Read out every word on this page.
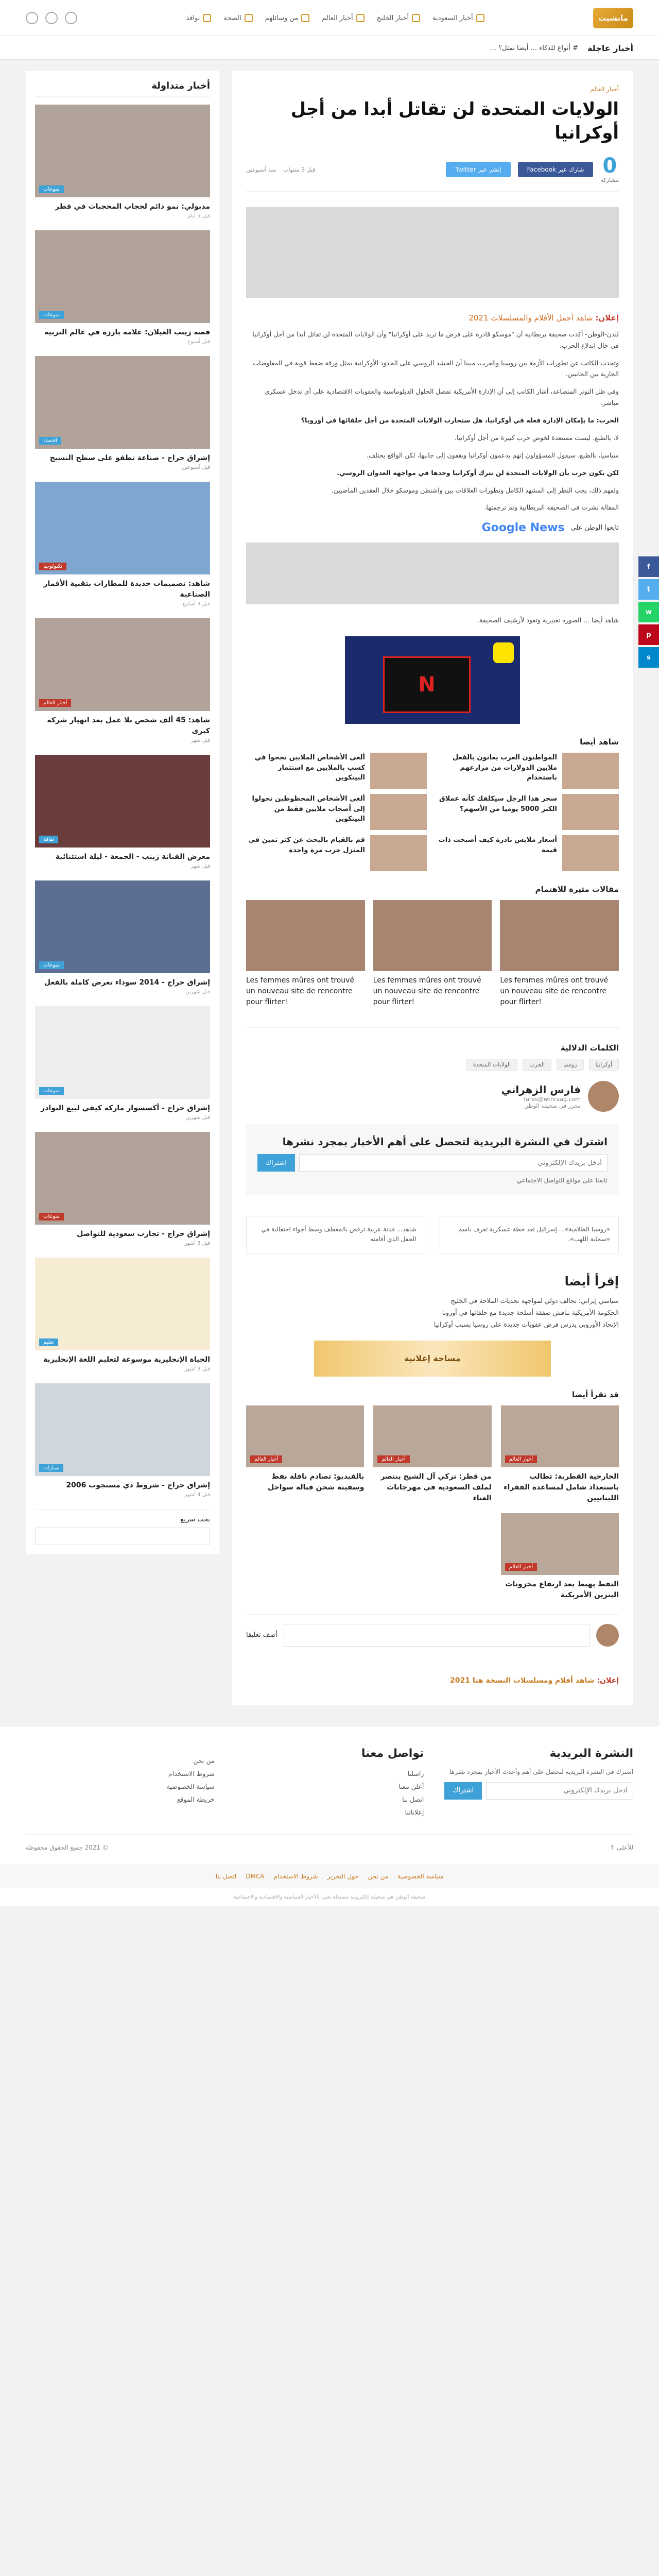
مانشيت
أخبار السعودية
أخبار الخليج
أخبار العالم
من وسائلهم
الصحة
نوافذ
أخبار عاجلة
# أنواع للذكاء ... أيضا نمثل؟ ...
f
t
w
p
s
أخبار العالم
الولايات المتحدة لن تقاتل أبدا من أجل أوكرانيا
0
مشاركة
شارك عبر Facebook
إنشر عبر Twitter
قبل 3 سنوات
منذ أسبوعين
إعلان: شاهد أجمل الأفلام والمسلسلات 2021

لندن-الوطن- أكدت صحيفة بريطانية أن "موسكو قادرة على فرض ما تريد على أوكرانيا" وأن الولايات المتحدة لن تقاتل أبدا من أجل أوكرانيا في حال اندلاع الحرب.

وتحدث الكاتب عن تطورات الأزمة بين روسيا والغرب، مبينا أن الحشد الروسي على الحدود الأوكرانية يمثل ورقة ضغط قوية في المفاوضات الجارية بين الجانبين.

وفي ظل التوتر المتصاعد، أشار الكاتب إلى أن الإدارة الأمريكية تفضل الحلول الدبلوماسية والعقوبات الاقتصادية على أي تدخل عسكري مباشر.

الحرب: ما بإمكان الإدارة فعله في أوكرانيا، هل ستحارب الولايات المتحدة من أجل حلفائها في أوروبا؟

لا، بالطبع. ليست مستعدة لخوض حرب كبيرة من أجل أوكرانيا.

سياسيا، بالطبع، سيقول المسؤولون إنهم يدعمون أوكرانيا ويقفون إلى جانبها، لكن الواقع يختلف.

لكن يكون حرب بأن الولايات المتحدة لن تترك أوكرانيا وحدها في مواجهة العدوان الروسي.

ولفهم ذلك، يجب النظر إلى المشهد الكامل وتطورات العلاقات بين واشنطن وموسكو خلال العقدين الماضيين.

المقالة نشرت في الصحيفة البريطانية وتم ترجمتها.

تابعوا الوطن على
Google News

شاهد أيضا ... الصورة تعبيرية وتعود لأرشيف الصحيفة.

N
شاهد أيضا
المواطنون العرب يعانون بالفعل ملايين الدولارات من مزارعهم باستخدام
ألغى الأشخاص الملايين نجحوا في كسب بالملايين مع استثمار البيتكوين
سحر هذا الرجل سيكلفك كأنه عملاق الكنز 5000 يوميا من الأسهم؟
ألغى الأشخاص المحظوظين تحولوا إلى أصحاب ملايين فقط من البيتكوين
أسعار ملابس نادرة كيف أصبحت ذات قيمة
قم بالقيام بالبحث عن كنز ثمين في المنزل جرب مرة واحدة
مقالات مثيرة للاهتمام
Les femmes mûres ont trouvé un nouveau site de rencontre pour flirter!
Les femmes mûres ont trouvé un nouveau site de rencontre pour flirter!
Les femmes mûres ont trouvé un nouveau site de rencontre pour flirter!
الكلمات الدلالية
أوكرانيا
روسيا
الحرب
الولايات المتحدة
فارس الزهراني
fares@wtnraag.com
محرر في صحيفة الوطن
اشترك في النشرة البريدية لتحصل على أهم الأخبار بمجرد نشرها
أدخل بريدك الإلكتروني
اشتراك
تابعنا على مواقع التواصل الاجتماعي
«روسيا الظلامية»... إسرائيل تعد خطة عسكرية تعرف باسم «سحابة اللهب».
شاهد... فنانة عربية ترقص بالمعطف وسط أجواء احتفالية في الحفل الذي أقامته
إقرأ أيضا
سياسي إيراني: تحالف دولي لمواجهة تحديات الملاحة في الخليج
الحكومة الأمريكية تناقش صفقة أسلحة جديدة مع حلفائها في أوروبا
الإتحاد الأوروبي يدرس فرض عقوبات جديدة على روسيا بسبب أوكرانيا
مساحة إعلانية
قد تقرأ أيضا
أخبار العالم
الخارجية القطرية: تطالب باستعداد شامل لمساعدة الفقراء اللبنانيين
أخبار العالم
من قطر: تركي آل الشيخ ينتصر لملف السعودية في مهرجانات الغناء
أخبار العالم
بالفيديو: تصادم ناقلة نفط وسفينة شحن قبالة سواحل
أخبار العالم
النفط يهبط بعد ارتفاع مخزونات البنزين الأمريكية
أضف تعليقا
إعلان: شاهد أفلام ومسلسلات النسخة هنا 2021
أخبار متداولة
منوعات
مدبولي: نمو دائم لحجاب المحجبات في قطر
قبل 5 أيام
منوعات
قصة زينب الغيلان: علامة بارزة في عالم التربية
قبل أسبوع
اقتصاد
إشراق حراج - صناعة تطفو على سطح النسيج
قبل أسبوعين
تكنولوجيا
شاهد: تصميمات جديدة للمطارات بتقنية الأقمار الصناعية
قبل 3 أسابيع
أخبار العالم
شاهد: 45 ألف شخص بلا عمل بعد انهيار شركة كبرى
قبل شهر
ثقافة
معرض الفنانة زينب - الجمعة - ليلة استثنائية
قبل شهر
منوعات
إشراق حراج - 2014 سوداء تعرض كاملة بالفعل
قبل شهرين
منوعات
إشراق حراج - أكسسوار ماركة كيفي لبيع النوادر
قبل شهرين
منوعات
إشراق حراج - تجارب سعودية للتواصل
قبل 3 أشهر
تعليم
الحياة الإنجليزية موسوعة لتعليم اللغة الإنجليزية
قبل 3 أشهر
سيارات
إشراق حراج - شروط دي مستجوب 2006
قبل 4 أشهر
بحث سريع
النشرة البريدية

اشترك في النشرة البريدية لتحصل على أهم وأحدث الأخبار بمجرد نشرها

أدخل بريدك الإلكتروني
اشتراك
تواصل معنا
راسلنا
أعلن معنا
اتصل بنا
إعلاناتنا
من نحن
شروط الاستخدام
سياسة الخصوصية
خريطة الموقع
للأعلى ↑
© 2021 جميع الحقوق محفوظة
سياسة الخصوصية
من نحن
حول التحرير
شروط الاستخدام
DMCA
اتصل بنا
صحيفة الوطن هي صحيفة إلكترونية مستقلة تعنى بالأخبار السياسية والاقتصادية والاجتماعية
